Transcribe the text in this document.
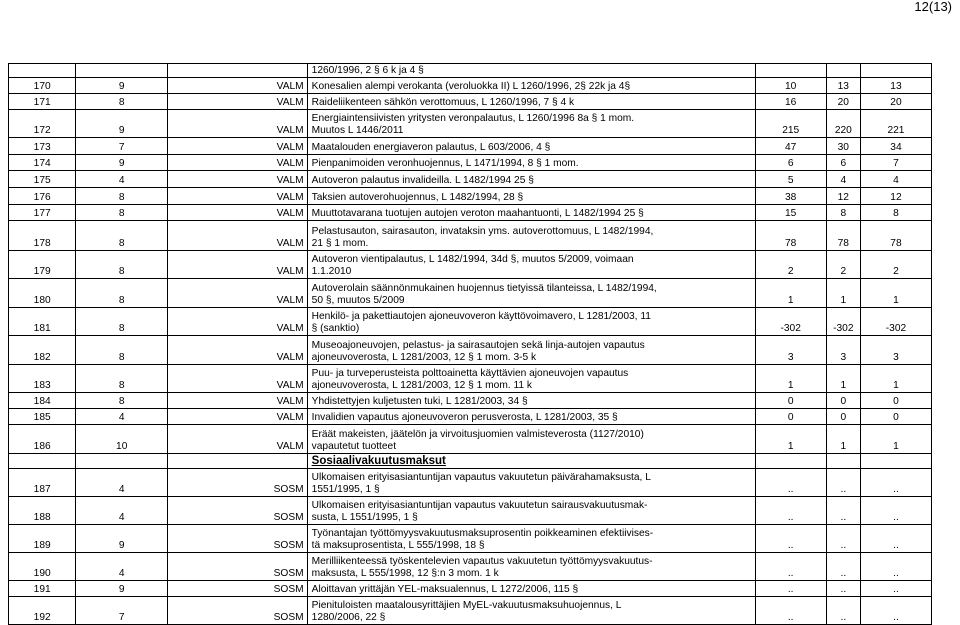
12(13)

			1260/1996, 2 § 6 k ja 4 §			

170	9	VALM	Konesalien alempi verokanta (veroluokka II) L 1260/1996, 2§ 22k ja 4§	10	13	13
171	8	VALM	Raideliikenteen sähkön verottomuus, L 1260/1996, 7 § 4 k	16	20	20
172	9	VALM	Energiaintensiivisten yritysten veronpalautus, L 1260/1996 8a § 1 mom.
Muutos L 1446/2011	215	220	221
173	7	VALM	Maatalouden energiaveron palautus, L 603/2006, 4 §	47	30	34
174	9	VALM	Pienpanimoiden veronhuojennus, L 1471/1994, 8 § 1 mom.	6	6	7
175	4	VALM	Autoveron palautus invalideilla. L 1482/1994 25 §	5	4	4
176	8	VALM	Taksien autoverohuojennus, L 1482/1994, 28 §	38	12	12
177	8	VALM	Muuttotavarana tuotujen autojen veroton maahantuonti, L 1482/1994 25 §	15	8	8
178	8	VALM	Pelastusauton, sairasauton, invataksin yms. autoverottomuus, L 1482/1994,
21 § 1 mom.	78	78	78
179	8	VALM	Autoveron vientipalautus, L 1482/1994, 34d §, muutos 5/2009, voimaan
1.1.2010	2	2	2
180	8	VALM	Autoverolain säännönmukainen huojennus tietyissä tilanteissa, L 1482/1994,
50 §, muutos 5/2009	1	1	1
181	8	VALM	Henkilö- ja pakettiautojen ajoneuvoveron käyttövoimavero, L 1281/2003, 11
§ (sanktio)	-302	-302	-302
182	8	VALM	Museoajoneuvojen, pelastus- ja sairasautojen sekä linja-autojen vapautus
ajoneuvoverosta, L 1281/2003, 12 § 1 mom. 3-5 k	3	3	3
183	8	VALM	Puu- ja turveperusteista polttoainetta käyttävien ajoneuvojen vapautus
ajoneuvoverosta, L 1281/2003, 12 § 1 mom. 11 k	1	1	1
184	8	VALM	Yhdistettyjen kuljetusten tuki, L 1281/2003, 34 §	0	0	0
185	4	VALM	Invalidien vapautus ajoneuvoveron perusverosta, L 1281/2003, 35 §	0	0	0
186	10	VALM	Eräät makeisten, jäätelön ja virvoitusjuomien valmisteverosta (1127/2010)
vapautetut tuotteet	1	1	1
			Sosiaalivakuutusmaksut			
187	4	SOSM	Ulkomaisen erityisasiantuntijan vapautus vakuutetun päivärahamaksusta, L
1551/1995, 1 §	..	..	..
188	4	SOSM	Ulkomaisen erityisasiantuntijan vapautus vakuutetun sairausvakuutusmak-
susta, L 1551/1995, 1 §	..	..	..
189	9	SOSM	Työnantajan työttömyysvakuutusmaksuprosentin poikkeaminen efektiivises-
tä maksuprosentista, L 555/1998, 18 §	..	..	..
190	4	SOSM	Merilliikenteessä työskentelevien vapautus vakuutetun työttömyysvakuutus-
maksusta, L 555/1998, 12 §:n 3 mom. 1 k	..	..	..
191	9	SOSM	Aloittavan yrittäjän YEL-maksualennus, L 1272/2006, 115 §	..	..	..
192	7	SOSM	Pienituloisten maatalousyrittäjien MyEL-vakuutusmaksuhuojennus, L
1280/2006, 22 §	..	..	..
